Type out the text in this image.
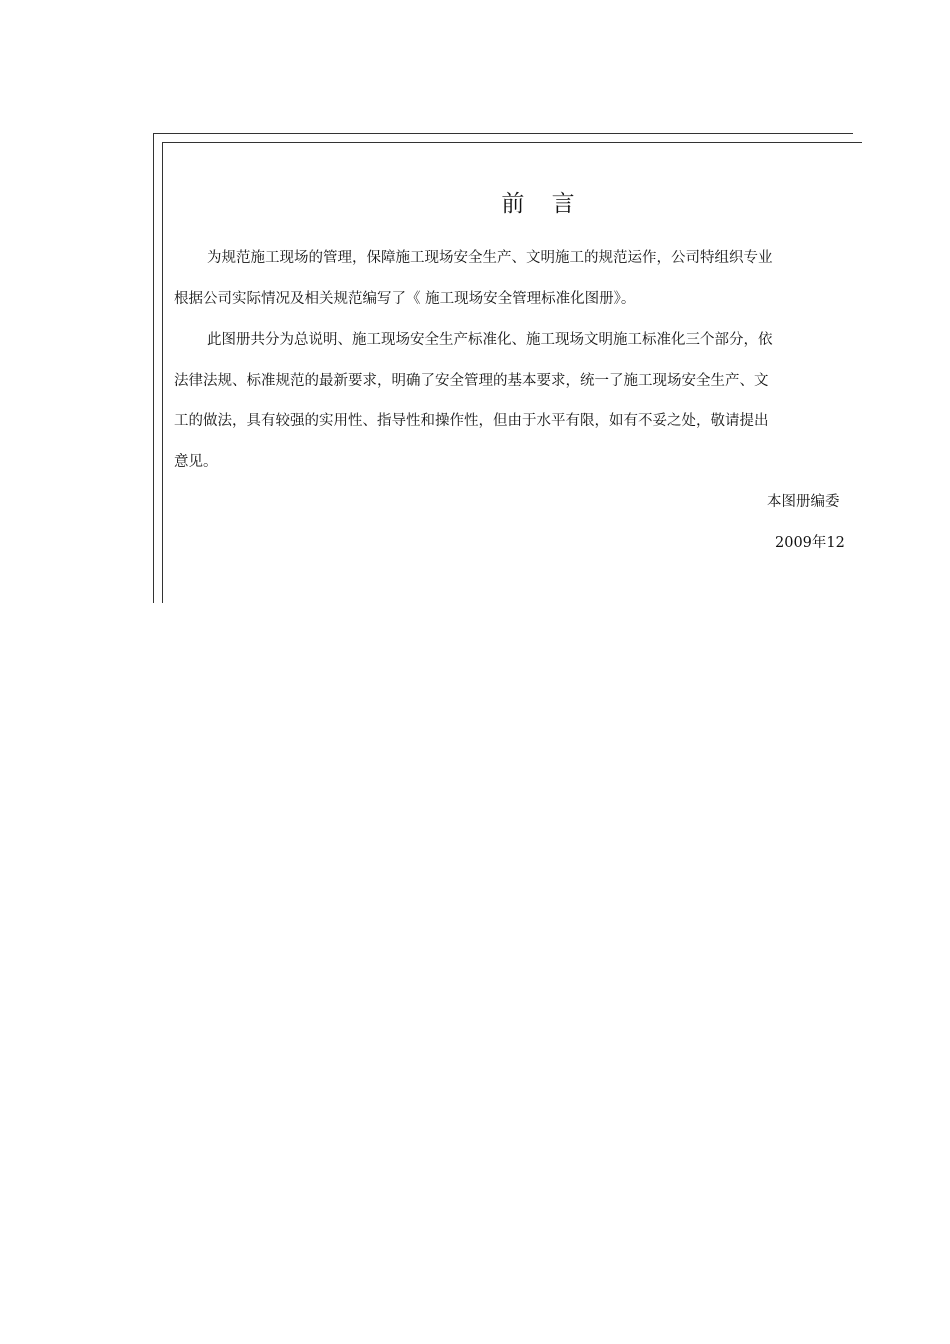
前 言

为规范施工现场的管理，保障施工现场安全生产、文明施工的规范运作，公司特组织专业

根据公司实际情况及相关规范编写了《 施工现场安全管理标准化图册》。

此图册共分为总说明、施工现场安全生产标准化、施工现场文明施工标准化三个部分，依

法律法规、标准规范的最新要求，明确了安全管理的基本要求，统一了施工现场安全生产、文

工的做法，具有较强的实用性、指导性和操作性，但由于水平有限，如有不妥之处，敬请提出

意见。

本图册编委

2009年12
